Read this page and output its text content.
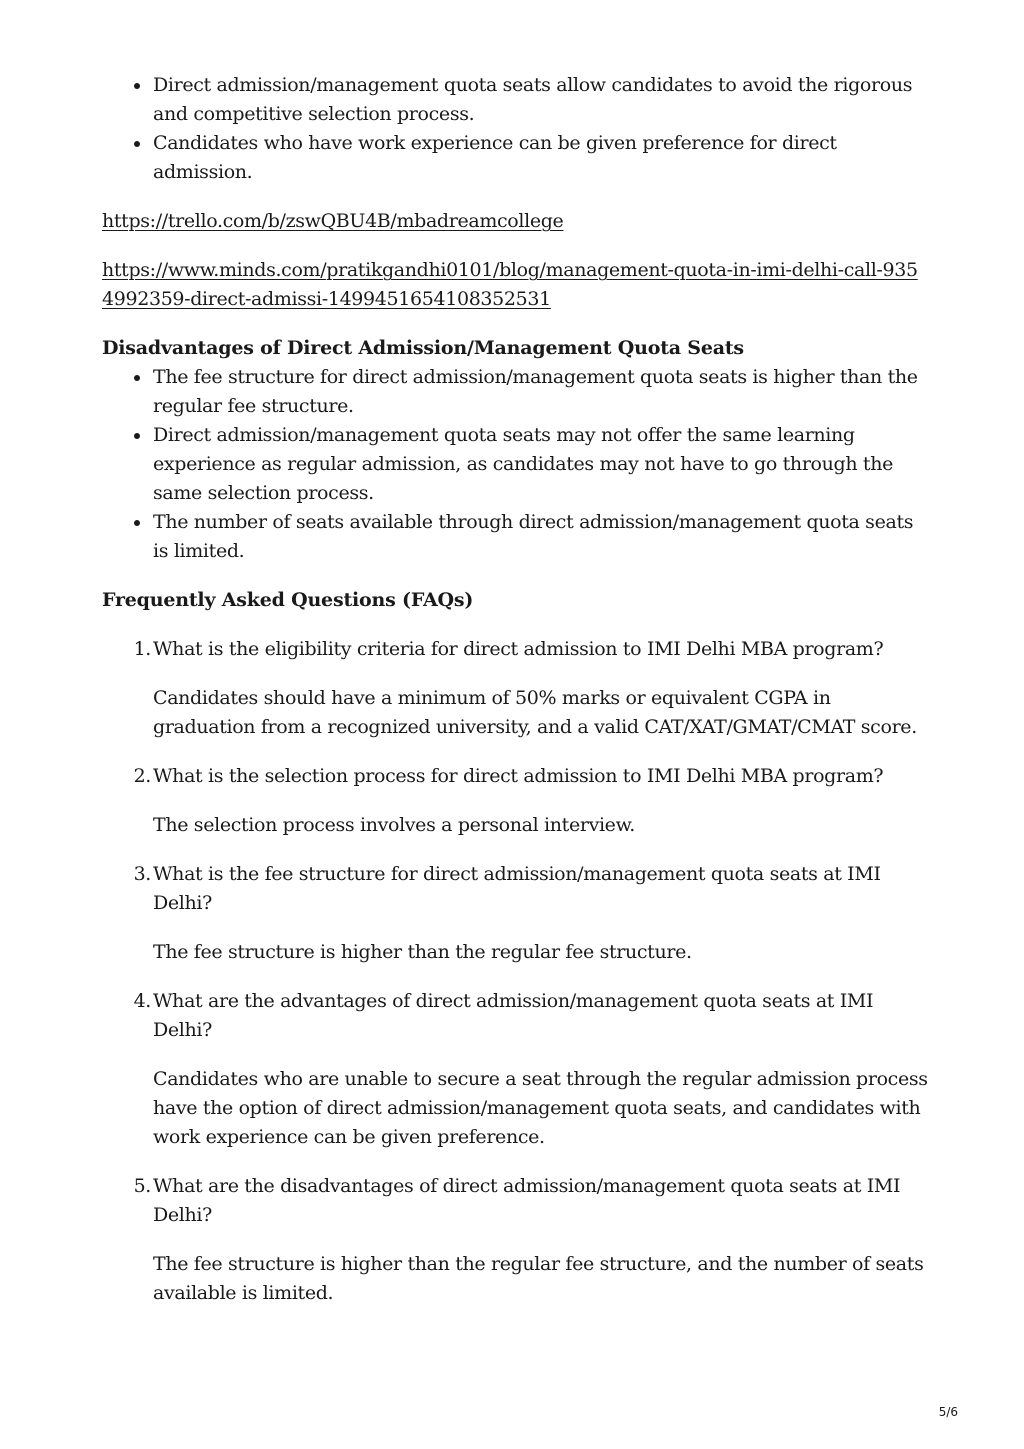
Direct admission/management quota seats allow candidates to avoid the rigorous and competitive selection process.
Candidates who have work experience can be given preference for direct admission.
https://trello.com/b/zswQBU4B/mbadreamcollege
https://www.minds.com/pratikgandhi0101/blog/management-quota-in-imi-delhi-call-9354992359-direct-admissi-1499451654108352531
Disadvantages of Direct Admission/Management Quota Seats
The fee structure for direct admission/management quota seats is higher than the regular fee structure.
Direct admission/management quota seats may not offer the same learning experience as regular admission, as candidates may not have to go through the same selection process.
The number of seats available through direct admission/management quota seats is limited.
Frequently Asked Questions (FAQs)
1. What is the eligibility criteria for direct admission to IMI Delhi MBA program?
Candidates should have a minimum of 50% marks or equivalent CGPA in graduation from a recognized university, and a valid CAT/XAT/GMAT/CMAT score.
2. What is the selection process for direct admission to IMI Delhi MBA program?
The selection process involves a personal interview.
3. What is the fee structure for direct admission/management quota seats at IMI Delhi?
The fee structure is higher than the regular fee structure.
4. What are the advantages of direct admission/management quota seats at IMI Delhi?
Candidates who are unable to secure a seat through the regular admission process have the option of direct admission/management quota seats, and candidates with work experience can be given preference.
5. What are the disadvantages of direct admission/management quota seats at IMI Delhi?
The fee structure is higher than the regular fee structure, and the number of seats available is limited.
5/6
